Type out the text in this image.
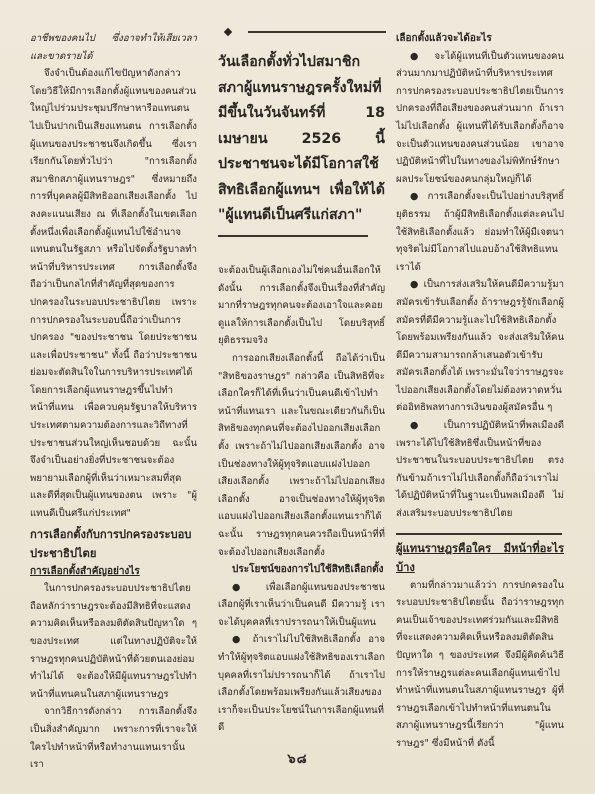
อาชีพของคนไป ซึ่งอาจทำให้เสียเวลาและขาดรายได้

จึงจำเป็นต้องแก้ไขปัญหาดังกล่าว โดยวิธีให้มีการเลือกตั้งผู้แทนของคนส่วนใหญ่ไปร่วมประชุมปรึกษาหารือแทนตน ไปเป็นปากเป็นเสียงแทนตน การเลือกตั้งผู้แทนของประชาชนจึงเกิดขึ้น ซึ่งเราเรียกกันโดยทั่วไปว่า "การเลือกตั้งสมาชิกสภาผู้แทนราษฎร" ซึ่งหมายถึงการที่บุคคลผู้มีสิทธิออกเสียงเลือกตั้ง ไปลงคะแนนเสียง ณ ที่เลือกตั้งในเขตเลือกตั้งหนึ่งเพื่อเลือกตั้งผู้แทนไปใช้อำนาจแทนตนในรัฐสภา หรือไปจัดตั้งรัฐบาลทำหน้าที่บริหารประเทศ การเลือกตั้งจึงถือว่าเป็นกลไกที่สำคัญที่สุดของการปกครองในระบอบประชาธิปไตย เพราะการปกครองในระบอบนี้ถือว่าเป็นการปกครอง "ของประชาชน โดยประชาชน และเพื่อประชาชน" ทั้งนี้ ถือว่าประชาชนย่อมจะตัดสินใจในการบริหารประเทศได้ โดยการเลือกผู้แทนราษฎรขึ้นไปทำหน้าที่แทน เพื่อควบคุมรัฐบาลให้บริหารประเทศตามความต้องการและวิถีทางที่ประชาชนส่วนใหญ่เห็นชอบด้วย ฉะนั้น จึงจำเป็นอย่างยิ่งที่ประชาชนจะต้องพยายามเลือกผู้ที่เห็นว่าเหมาะสมที่สุดและดีที่สุดเป็นผู้แทนของตน เพราะ "ผู้แทนดีเป็นศรีแก่ประเทศ"

การเลือกตั้งกับการปกครองระบอบประชาธิปไตย

การเลือกตั้งสำคัญอย่างไร

ในการปกครองระบอบประชาธิปไตยถือหลักว่าราษฎรจะต้องมีสิทธิที่จะแสดงความคิดเห็นหรือลงมติตัดสินปัญหาใด ๆ ของประเทศ แต่ในทางปฏิบัติจะให้ราษฎรทุกคนปฏิบัติหน้าที่ด้วยตนเองย่อมทำไม่ได้ จะต้องให้มีผู้แทนราษฎรไปทำหน้าที่แทนคนในสภาผู้แทนราษฎร

จากวิธีการดังกล่าว การเลือกตั้งจึงเป็นสิ่งสำคัญมาก เพราะการที่เราจะให้ใครไปทำหน้าที่หรือทำงานแทนเรานั้น เรา

วันเลือกตั้งทั่วไปสมาชิกสภาผู้แทนราษฎรครั้งใหม่ที่มีขึ้นในวันจันทร์ที่ 18 เมษายน 2526 นี้ ประชาชนจะได้มีโอกาสใช้สิทธิเลือกผู้แทนฯ เพื่อให้ได้ "ผู้แทนดีเป็นศรีแก่สภา"

จะต้องเป็นผู้เลือกเองไม่ใช่คนอื่นเลือกให้ ดังนั้น การเลือกตั้งจึงเป็นเรื่องที่สำคัญมากที่ราษฎรทุกคนจะต้องเอาใจและคอยดูแลให้การเลือกตั้งเป็นไป โดยบริสุทธิ์ยุติธรรมจริง

การออกเสียงเลือกตั้งนี้ ถือได้ว่าเป็น "สิทธิของราษฎร" กล่าวคือ เป็นสิทธิที่จะเลือกใครก็ได้ที่เห็นว่าเป็นคนดีเข้าไปทำหน้าที่แทนเรา และในขณะเดียวกันก็เป็นสิทธิของทุกคนที่จะต้องไปออกเสียงเลือกตั้ง เพราะถ้าไม่ไปออกเสียงเลือกตั้ง อาจเป็นช่องทางให้ผู้ทุจริตแอบแฝงไปออกเสียงเลือกตั้ง เพราะถ้าไม่ไปออกเสียงเลือกตั้ง อาจเป็นช่องทางให้ผู้ทุจริตแอบแฝงไปออกเสียงเลือกตั้งแทนเราก็ได้ ฉะนั้น ราษฎรทุกคนควรถือเป็นหน้าที่ที่จะต้องไปออกเสียงเลือกตั้ง

ประโยชน์ของการไปใช้สิทธิเลือกตั้ง

● เพื่อเลือกผู้แทนของประชาชน เลือกผู้ที่เราเห็นว่าเป็นคนดี มีความรู้ เราจะได้บุคคลที่เราปรารถนาให้เป็นผู้แทน

● ถ้าเราไม่ไปใช้สิทธิเลือกตั้ง อาจทำให้ผู้ทุจริตแอบแฝงใช้สิทธิของเราเลือกบุคคลที่เราไม่ปรารถนาก็ได้ ถ้าเราไปเลือกตั้งโดยพร้อมเพรียงกันแล้วเสียงของเราก็จะเป็นประโยชน์ในการเลือกผู้แทนที่ดี

เลือกตั้งแล้วจะได้อะไร

● จะได้ผู้แทนที่เป็นตัวแทนของคนส่วนมากมาปฏิบัติหน้าที่บริหารประเทศ การปกครองระบอบประชาธิปไตยเป็นการปกครองที่ถือเสียงของคนส่วนมาก ถ้าเราไม่ไปเลือกตั้ง ผู้แทนที่ได้รับเลือกตั้งก็อาจจะเป็นตัวแทนของคนส่วนน้อย เขาอาจปฏิบัติหน้าที่ไปในทางของไม่พิทักษ์รักษาผลประโยชน์ของคนกลุ่มใหญ่ก็ได้

● การเลือกตั้งจะเป็นไปอย่างบริสุทธิ์ยุติธรรม ถ้าผู้มีสิทธิเลือกตั้งแต่ละคนไปใช้สิทธิเลือกตั้งแล้ว ย่อมทำให้ผู้มีเจตนาทุจริตไม่มีโอกาสไปแอบอ้างใช้สิทธิแทนเราได้

● เป็นการส่งเสริมให้คนดีมีความรู้มาสมัครเข้ารับเลือกตั้ง ถ้าราษฎรรู้จักเลือกผู้สมัครที่ดีมีความรู้และไปใช้สิทธิเลือกตั้งโดยพร้อมเพรียงกันแล้ว จะส่งเสริมให้คนดีมีความสามารถกล้าเสนอตัวเข้ารับสมัครเลือกตั้งได้ เพราะมั่นใจว่าราษฎรจะไปออกเสียงเลือกตั้งโดยไม่ต้องหวาดหวั่นต่ออิทธิพลทางการเงินของผู้สมัครอื่น ๆ

● เป็นการปฏิบัติหน้าที่พลเมืองดี เพราะได้ไปใช้สิทธิซึ่งเป็นหน้าที่ของประชาชนในระบอบประชาธิปไตย ตรงกันข้ามถ้าเราไม่ไปเลือกตั้งก็ถือว่าเราไม่ได้ปฏิบัติหน้าที่ในฐานะเป็นพลเมืองดี ไม่ส่งเสริมระบอบประชาธิปไตย

ผู้แทนราษฎรคือใคร มีหน้าที่อะไรบ้าง

ตามที่กล่าวมาแล้วว่า การปกครองในระบอบประชาธิปไตยนั้น ถือว่าราษฎรทุกคนเป็นเจ้าของประเทศร่วมกันและมีสิทธิที่จะแสดงความคิดเห็นหรือลงมติตัดสินปัญหาใด ๆ ของประเทศ จึงมีผู้คิดค้นวิธีการให้ราษฎรแต่ละคนเลือกผู้แทนเข้าไปทำหน้าที่แทนตนในสภาผู้แทนราษฎร ผู้ที่ราษฎรเลือกเข้าไปทำหน้าที่แทนตนในสภาผู้แทนราษฎรนี้เรียกว่า "ผู้แทนราษฎร" ซึ่งมีหน้าที่ ดังนี้

๖๘
